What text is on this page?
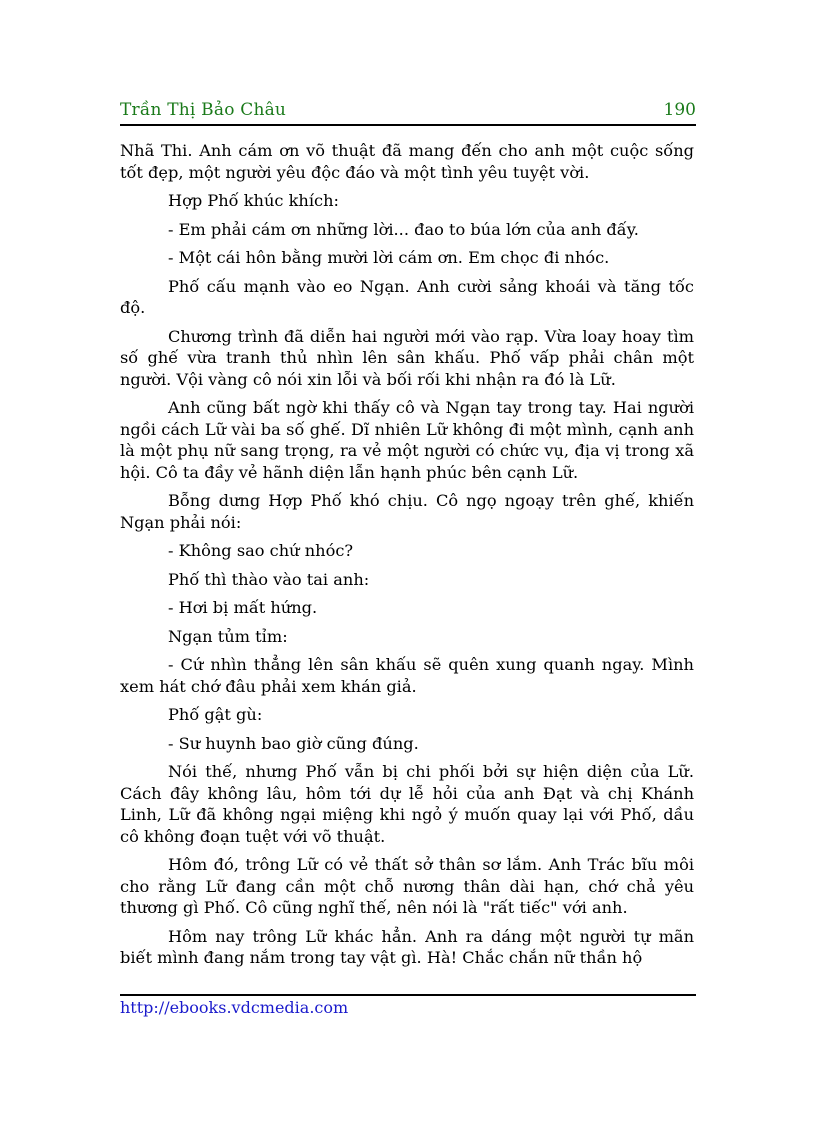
Trần Thị Bảo Châu	190

Nhã Thi. Anh cám ơn võ thuật đã mang đến cho anh một cuộc sống tốt đẹp, một người yêu độc đáo và một tình yêu tuyệt vời.

Hợp Phố khúc khích:

- Em phải cám ơn những lời... đao to búa lớn của anh đấy.

- Một cái hôn bằng mười lời cám ơn. Em chọc đi nhóc.

Phố cấu mạnh vào eo Ngạn. Anh cười sảng khoái và tăng tốc độ.

Chương trình đã diễn hai người mới vào rạp. Vừa loay hoay tìm số ghế vừa tranh thủ nhìn lên sân khấu. Phố vấp phải chân một người. Vội vàng cô nói xin lỗi và bối rối khi nhận ra đó là Lữ.

Anh cũng bất ngờ khi thấy cô và Ngạn tay trong tay. Hai người ngồi cách Lữ vài ba số ghế. Dĩ nhiên Lữ không đi một mình, cạnh anh là một phụ nữ sang trọng, ra vẻ một người có chức vụ, địa vị trong xã hội. Cô ta đầy vẻ hãnh diện lẫn hạnh phúc bên cạnh Lữ.

Bỗng dưng Hợp Phố khó chịu. Cô ngọ ngoạy trên ghế, khiến Ngạn phải nói:

- Không sao chứ nhóc?

Phố thì thào vào tai anh:

- Hơi bị mất hứng.

Ngạn tủm tỉm:

- Cứ nhìn thẳng lên sân khấu sẽ quên xung quanh ngay. Mình xem hát chớ đâu phải xem khán giả.

Phố gật gù:

- Sư huynh bao giờ cũng đúng.

Nói thế, nhưng Phố vẫn bị chi phối bởi sự hiện diện của Lữ. Cách đây không lâu, hôm tới dự lễ hỏi của anh Đạt và chị Khánh Linh, Lữ đã không ngại miệng khi ngỏ ý muốn quay lại với Phố, dầu cô không đoạn tuệt với võ thuật.

Hôm đó, trông Lữ có vẻ thất sở thân sơ lắm. Anh Trác bĩu môi cho rằng Lữ đang cần một chỗ nương thân dài hạn, chớ chả yêu thương gì Phố. Cô cũng nghĩ thế, nên nói là "rất tiếc" với anh.

Hôm nay trông Lữ khác hẳn. Anh ra dáng một người tự mãn biết mình đang nắm trong tay vật gì. Hà! Chắc chắn nữ thần hộ

http://ebooks.vdcmedia.com
